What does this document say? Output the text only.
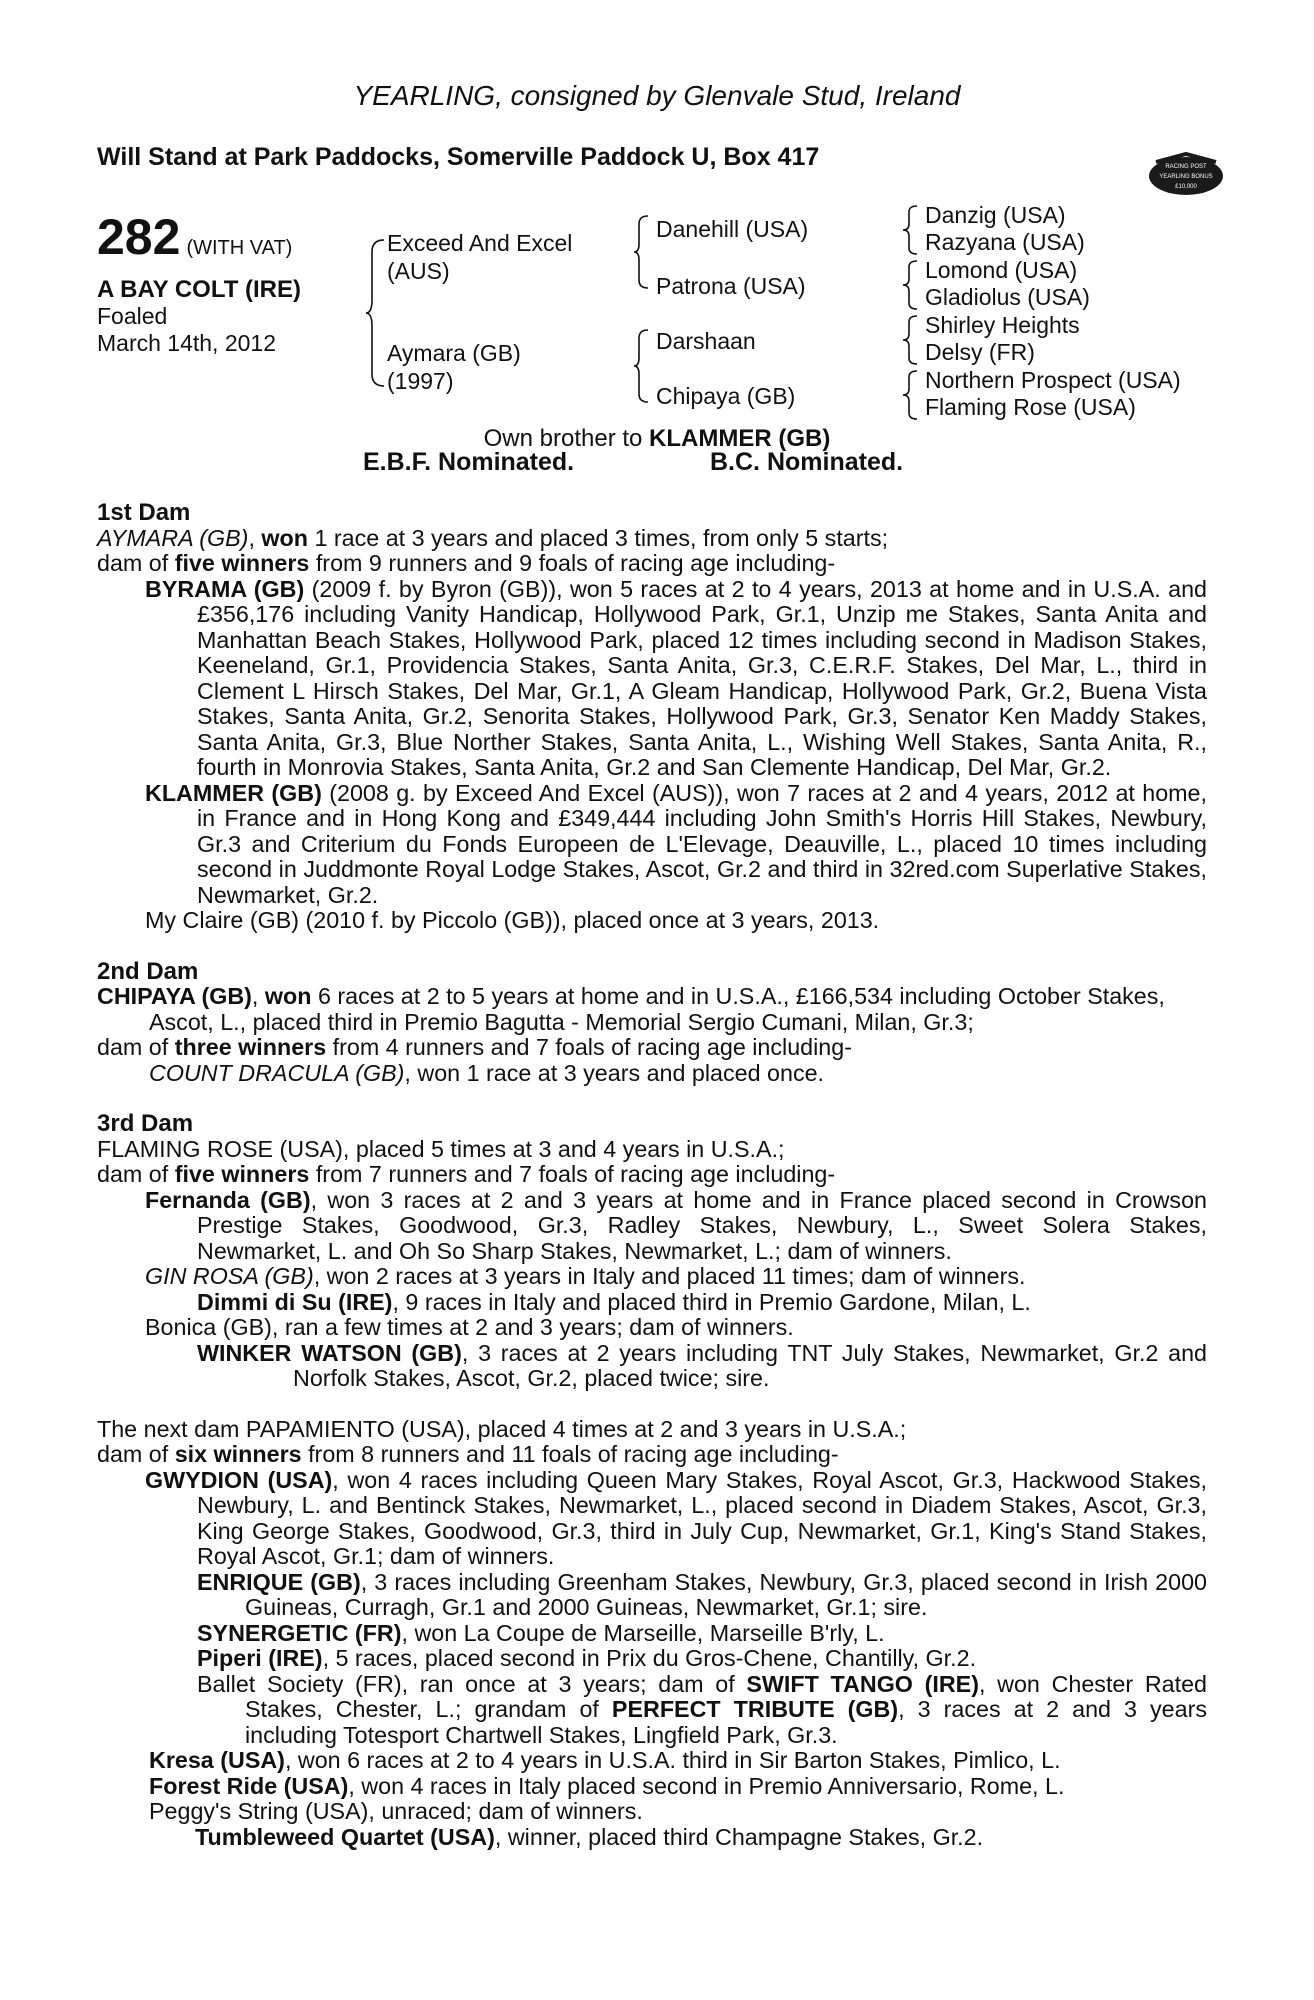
YEARLING, consigned by Glenvale Stud, Ireland
Will Stand at Park Paddocks, Somerville Paddock U, Box 417	RACING POST
YEARLING BONUS
£10,000
282 (WITH VAT)
A BAY COLT (IRE)
Foaled
March 14th, 2012
Exceed And Excel
(AUS)
Aymara (GB)
(1997)
Danehill (USA)
Patrona (USA)
Darshaan
Chipaya (GB)
Danzig (USA)
Razyana (USA)
Lomond (USA)
Gladiolus (USA)
Shirley Heights
Delsy (FR)
Northern Prospect (USA)
Flaming Rose (USA)
Own brother to KLAMMER (GB)
E.B.F. Nominated.	B.C. Nominated.

1st Dam

AYMARA (GB), won 1 race at 3 years and placed 3 times, from only 5 starts;

dam of five winners from 9 runners and 9 foals of racing age including-

BYRAMA (GB) (2009 f. by Byron (GB)), won 5 races at 2 to 4 years, 2013 at home and in U.S.A. and £356,176 including Vanity Handicap, Hollywood Park, Gr.1, Unzip me Stakes, Santa Anita and Manhattan Beach Stakes, Hollywood Park, placed 12 times including second in Madison Stakes, Keeneland, Gr.1, Providencia Stakes, Santa Anita, Gr.3, C.E.R.F. Stakes, Del Mar, L., third in Clement L Hirsch Stakes, Del Mar, Gr.1, A Gleam Handicap, Hollywood Park, Gr.2, Buena Vista Stakes, Santa Anita, Gr.2, Senorita Stakes, Hollywood Park, Gr.3, Senator Ken Maddy Stakes, Santa Anita, Gr.3, Blue Norther Stakes, Santa Anita, L., Wishing Well Stakes, Santa Anita, R., fourth in Monrovia Stakes, Santa Anita, Gr.2 and San Clemente Handicap, Del Mar, Gr.2.

KLAMMER (GB) (2008 g. by Exceed And Excel (AUS)), won 7 races at 2 and 4 years, 2012 at home, in France and in Hong Kong and £349,444 including John Smith's Horris Hill Stakes, Newbury, Gr.3 and Criterium du Fonds Europeen de L'Elevage, Deauville, L., placed 10 times including second in Juddmonte Royal Lodge Stakes, Ascot, Gr.2 and third in 32red.com Superlative Stakes, Newmarket, Gr.2.

My Claire (GB) (2010 f. by Piccolo (GB)), placed once at 3 years, 2013.

2nd Dam

CHIPAYA (GB), won 6 races at 2 to 5 years at home and in U.S.A., £166,534 including October Stakes, Ascot, L., placed third in Premio Bagutta - Memorial Sergio Cumani, Milan, Gr.3;

dam of three winners from 4 runners and 7 foals of racing age including-

COUNT DRACULA (GB), won 1 race at 3 years and placed once.

3rd Dam

FLAMING ROSE (USA), placed 5 times at 3 and 4 years in U.S.A.;

dam of five winners from 7 runners and 7 foals of racing age including-

Fernanda (GB), won 3 races at 2 and 3 years at home and in France placed second in Crowson Prestige Stakes, Goodwood, Gr.3, Radley Stakes, Newbury, L., Sweet Solera Stakes, Newmarket, L. and Oh So Sharp Stakes, Newmarket, L.; dam of winners.

GIN ROSA (GB), won 2 races at 3 years in Italy and placed 11 times; dam of winners.

Dimmi di Su (IRE), 9 races in Italy and placed third in Premio Gardone, Milan, L.

Bonica (GB), ran a few times at 2 and 3 years; dam of winners.

WINKER WATSON (GB), 3 races at 2 years including TNT July Stakes, Newmarket, Gr.2 and Norfolk Stakes, Ascot, Gr.2, placed twice; sire.

The next dam PAPAMIENTO (USA), placed 4 times at 2 and 3 years in U.S.A.;

dam of six winners from 8 runners and 11 foals of racing age including-

GWYDION (USA), won 4 races including Queen Mary Stakes, Royal Ascot, Gr.3, Hackwood Stakes, Newbury, L. and Bentinck Stakes, Newmarket, L., placed second in Diadem Stakes, Ascot, Gr.3, King George Stakes, Goodwood, Gr.3, third in July Cup, Newmarket, Gr.1, King's Stand Stakes, Royal Ascot, Gr.1; dam of winners.

ENRIQUE (GB), 3 races including Greenham Stakes, Newbury, Gr.3, placed second in Irish 2000 Guineas, Curragh, Gr.1 and 2000 Guineas, Newmarket, Gr.1; sire.

SYNERGETIC (FR), won La Coupe de Marseille, Marseille B'rly, L.

Piperi (IRE), 5 races, placed second in Prix du Gros-Chene, Chantilly, Gr.2.

Ballet Society (FR), ran once at 3 years; dam of SWIFT TANGO (IRE), won Chester Rated Stakes, Chester, L.; grandam of PERFECT TRIBUTE (GB), 3 races at 2 and 3 years including Totesport Chartwell Stakes, Lingfield Park, Gr.3.

Kresa (USA), won 6 races at 2 to 4 years in U.S.A. third in Sir Barton Stakes, Pimlico, L.

Forest Ride (USA), won 4 races in Italy placed second in Premio Anniversario, Rome, L.

Peggy's String (USA), unraced; dam of winners.

Tumbleweed Quartet (USA), winner, placed third Champagne Stakes, Gr.2.
